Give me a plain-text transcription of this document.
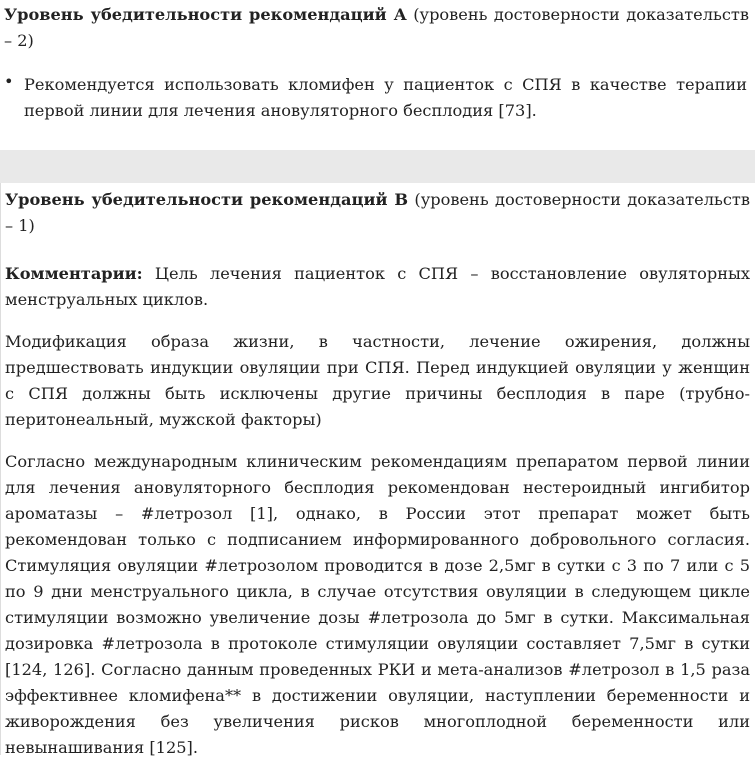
Уровень убедительности рекомендаций А (уровень достоверности доказательств – 2)

• Рекомендуется использовать кломифен у пациенток с СПЯ в качестве терапии первой линии для лечения ановуляторного бесплодия [73].

Уровень убедительности рекомендаций В (уровень достоверности доказательств – 1)

Комментарии: Цель лечения пациенток с СПЯ – восстановление овуляторных менструальных циклов.

Модификация образа жизни, в частности, лечение ожирения, должны предшествовать индукции овуляции при СПЯ. Перед индукцией овуляции у женщин с СПЯ должны быть исключены другие причины бесплодия в паре (трубно-перитонеальный, мужской факторы)

Согласно международным клиническим рекомендациям препаратом первой линии для лечения ановуляторного бесплодия рекомендован нестероидный ингибитор ароматазы – #летрозол [1], однако, в России этот препарат может быть рекомендован только с подписанием информированного добровольного согласия. Стимуляция овуляции #летрозолом проводится в дозе 2,5мг в сутки с 3 по 7 или с 5 по 9 дни менструального цикла, в случае отсутствия овуляции в следующем цикле стимуляции возможно увеличение дозы #летрозола до 5мг в сутки. Максимальная дозировка #летрозола в протоколе стимуляции овуляции составляет 7,5мг в сутки [124, 126]. Согласно данным проведенных РКИ и мета-анализов #летрозол в 1,5 раза эффективнее кломифена** в достижении овуляции, наступлении беременности и живорождения без увеличения рисков многоплодной беременности или невынашивания [125].
